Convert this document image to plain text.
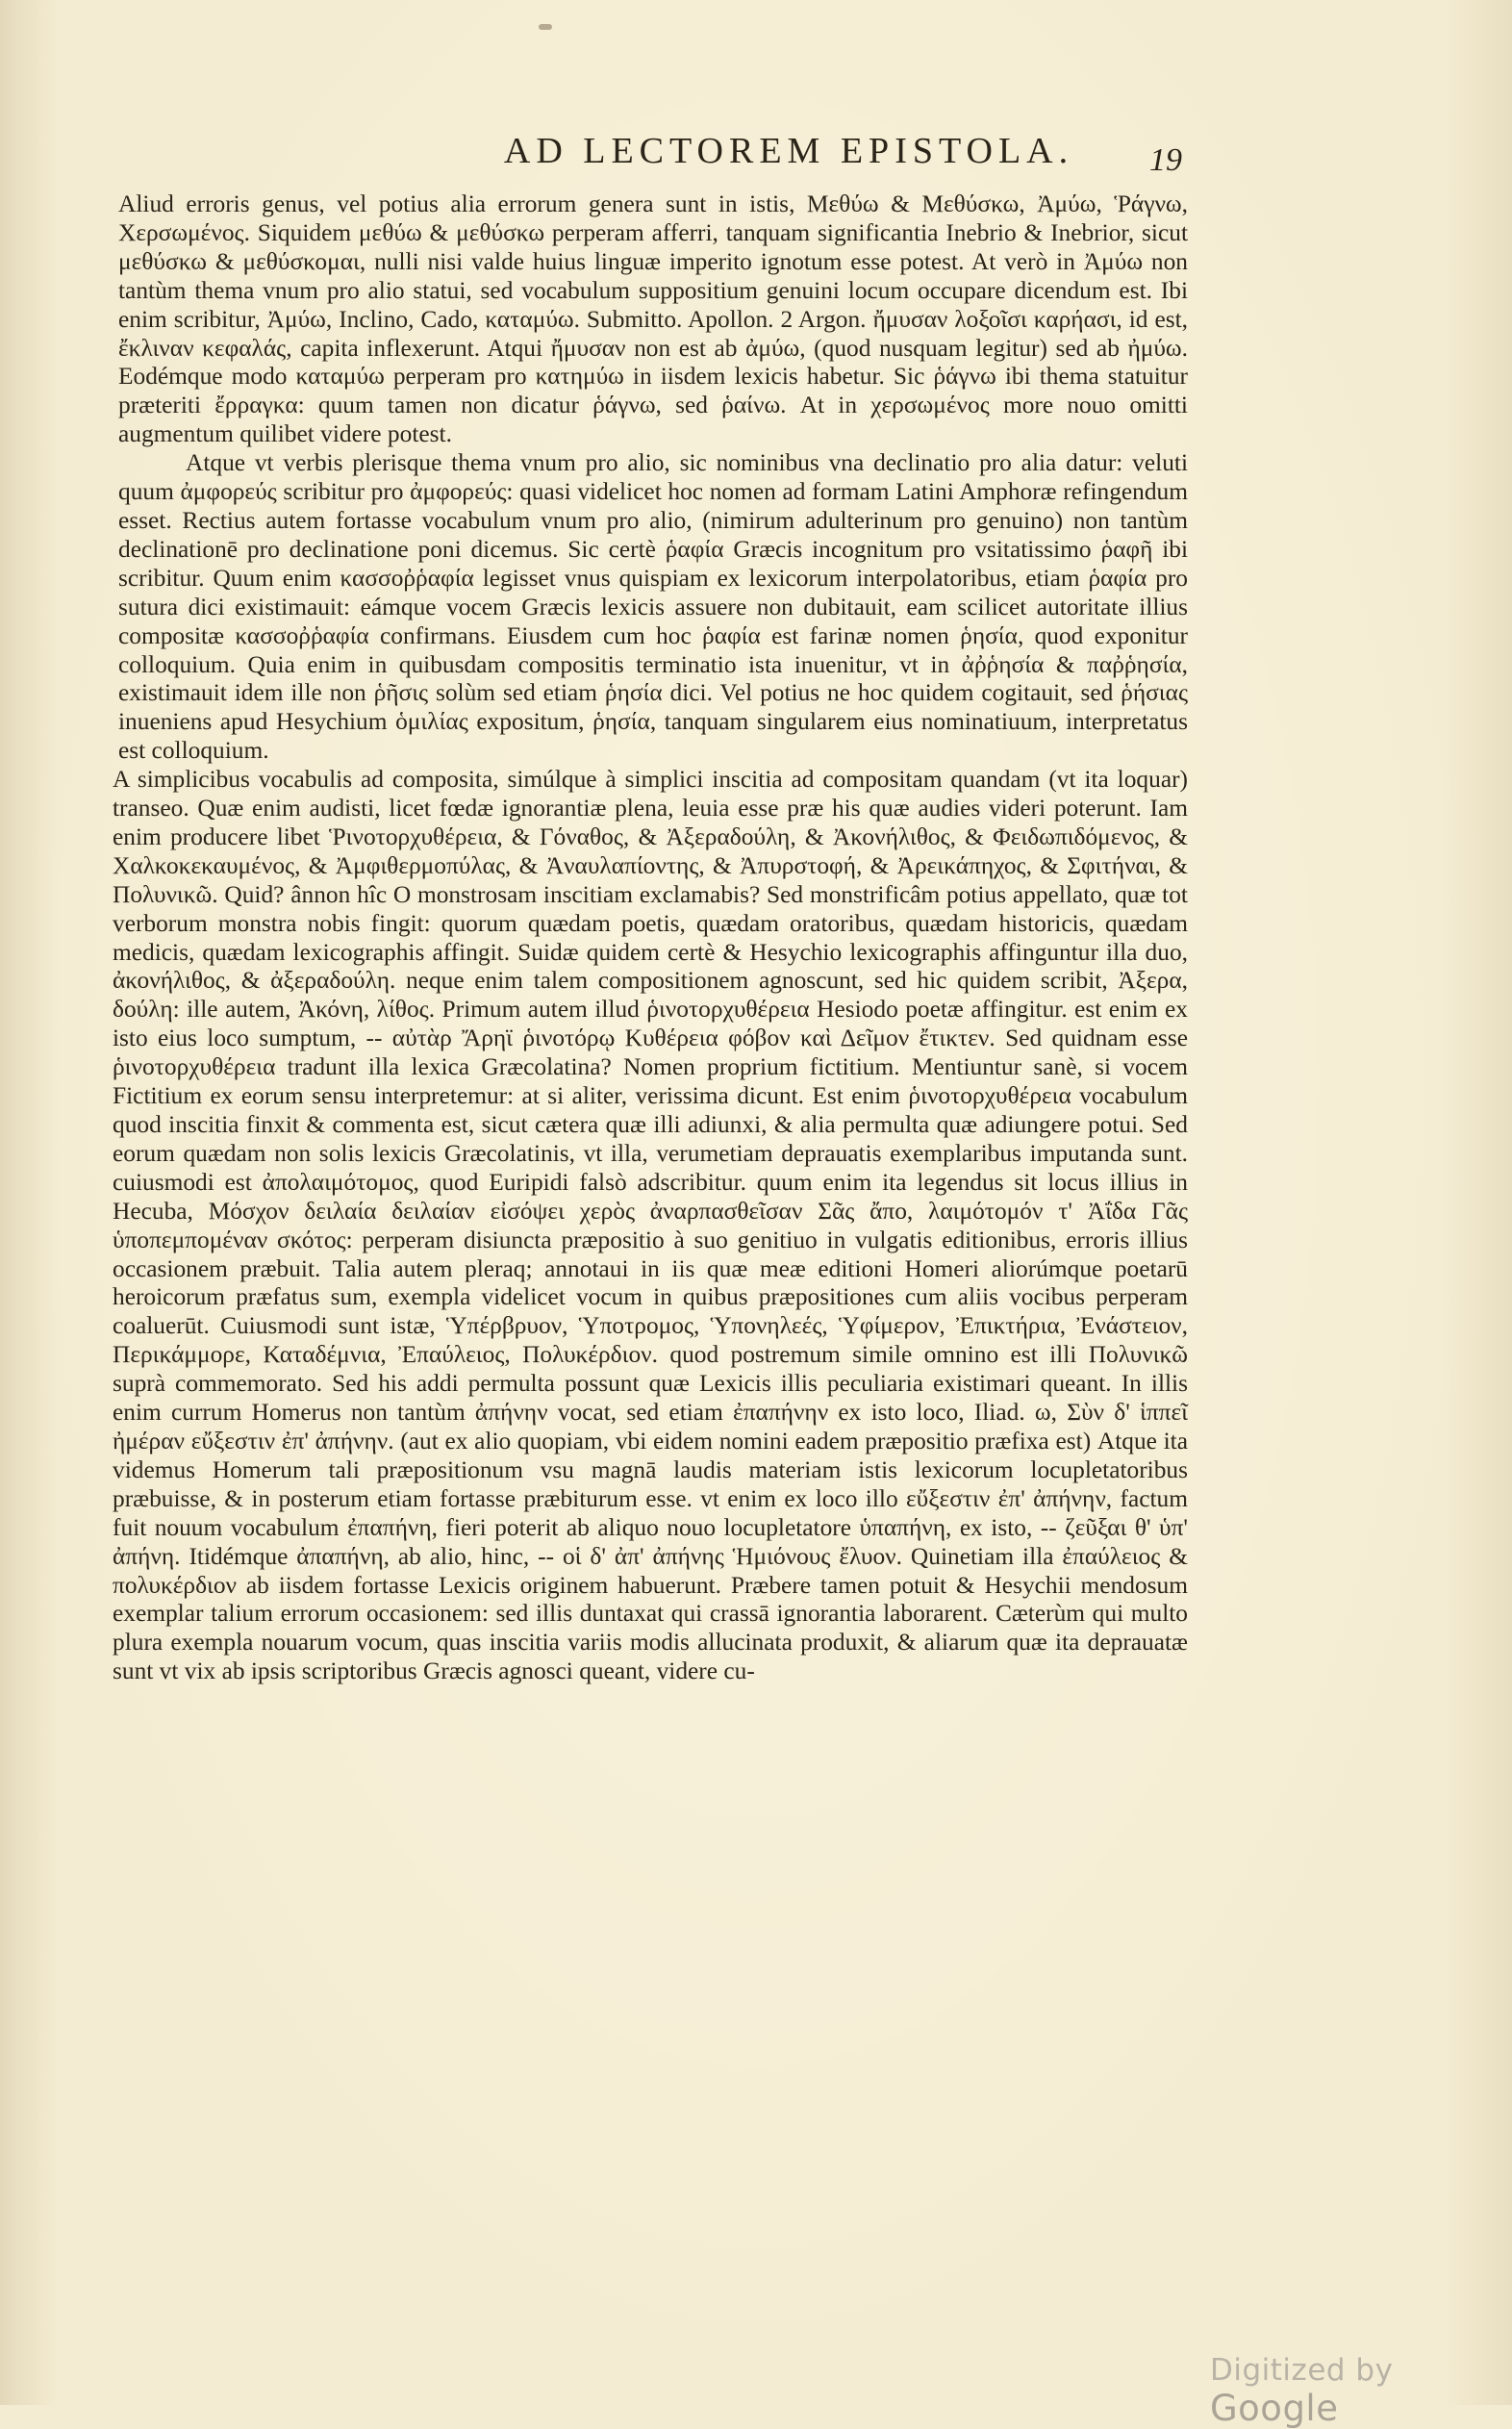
AD LECTOREM EPISTOLA.	19

Aliud erroris genus, vel potius alia errorum genera sunt in istis, Μεθύω & Μεθύσκω, Ἀμύω, Ῥάγνω, Χερσωμένος. Siquidem μεθύω & μεθύσκω perperam afferri, tanquam significantia Inebrio & Inebrior, sicut μεθύσκω & μεθύσκομαι, nulli nisi valde huius linguæ imperito ignotum esse potest. At verò in Ἀμύω non tantùm thema vnum pro alio statui, sed vocabulum suppositium genuini locum occupare dicendum est. Ibi enim scribitur, Ἀμύω, Inclino, Cado, καταμύω. Submitto. Apollon. 2 Argon. ἤμυσαν λοξοῖσι καρήασι, id est, ἔκλιναν κεφαλάς, capita inflexerunt. Atqui ἤμυσαν non est ab ἀμύω, (quod nusquam legitur) sed ab ἠμύω. Eodémque modo καταμύω perperam pro κατημύω in iisdem lexicis habetur. Sic ῥάγνω ibi thema statuitur præteriti ἔρραγκα: quum tamen non dicatur ῥάγνω, sed ῥαίνω. At in χερσωμένος more nouo omitti augmentum quilibet videre potest.

Atque vt verbis plerisque thema vnum pro alio, sic nominibus vna declinatio pro alia datur: veluti quum ἀμφορεύς scribitur pro ἀμφορεύς: quasi videlicet hoc nomen ad formam Latini Amphoræ refingendum esset. Rectius autem fortasse vocabulum vnum pro alio, (nimirum adulterinum pro genuino) non tantùm declinationē pro declinatione poni dicemus. Sic certè ῥαφία Græcis incognitum pro vsitatissimo ῥαφῆ ibi scribitur. Quum enim κασσοῤῥαφία legisset vnus quispiam ex lexicorum interpolatoribus, etiam ῥαφία pro sutura dici existimauit: eámque vocem Græcis lexicis assuere non dubitauit, eam scilicet autoritate illius compositæ κασσοῤῥαφία confirmans. Eiusdem cum hoc ῥαφία est farinæ nomen ῥησία, quod exponitur colloquium. Quia enim in quibusdam compositis terminatio ista inuenitur, vt in ἀῤῥησία & παῤῥησία, existimauit idem ille non ῥῆσις solùm sed etiam ῥησία dici. Vel potius ne hoc quidem cogitauit, sed ῥήσιας inueniens apud Hesychium ὁμιλίας expositum, ῥησία, tanquam singularem eius nominatiuum, interpretatus est colloquium.

A simplicibus vocabulis ad composita, simúlque à simplici inscitia ad compositam quandam (vt ita loquar) transeo. Quæ enim audisti, licet fœdæ ignorantiæ plena, leuia esse præ his quæ audies videri poterunt. Iam enim producere libet Ῥινοτορχυθέρεια, & Γόναθος, & Ἀξεραδούλη, & Ἀκονήλιθος, & Φειδωπιδόμενος, & Χαλκοκεκαυμένος, & Ἀμφιθερμοπύλας, & Ἀναυλαπίοντης, & Ἀπυρστοφή, & Ἀρεικάπηχος, & Σφιτήναι, & Πολυνικῶ. Quid? ânnon hîc O monstrosam inscitiam exclamabis? Sed monstrificâm potius appellato, quæ tot verborum monstra nobis fingit: quorum quædam poetis, quædam oratoribus, quædam historicis, quædam medicis, quædam lexicographis affingit. Suidæ quidem certè & Hesychio lexicographis affinguntur illa duo, ἀκονήλιθος, & ἀξεραδούλη. neque enim talem compositionem agnoscunt, sed hic quidem scribit, Ἀξερα, δούλη: ille autem, Ἀκόνη, λίθος. Primum autem illud ῥινοτορχυθέρεια Hesiodo poetæ affingitur. est enim ex isto eius loco sumptum, -- αὐτὰρ Ἄρηϊ ῥινοτόρῳ Κυθέρεια φόβον καὶ Δεῖμον ἔτικτεν. Sed quidnam esse ῥινοτορχυθέρεια tradunt illa lexica Græcolatina? Nomen proprium fictitium. Mentiuntur sanè, si vocem Fictitium ex eorum sensu interpretemur: at si aliter, verissima dicunt. Est enim ῥινοτορχυθέρεια vocabulum quod inscitia finxit & commenta est, sicut cætera quæ illi adiunxi, & alia permulta quæ adiungere potui. Sed eorum quædam non solis lexicis Græcolatinis, vt illa, verumetiam deprauatis exemplaribus imputanda sunt. cuiusmodi est ἀπολαιμότομος, quod Euripidi falsò adscribitur. quum enim ita legendus sit locus illius in Hecuba, Μόσχον δειλαία δειλαίαν εἰσόψει χερὸς ἀναρπασθεῖσαν Σᾶς ἄπο, λαιμότομόν τ' Ἀΐδα Γᾶς ὑποπεμπομέναν σκότος: perperam disiuncta præpositio à suo genitiuo in vulgatis editionibus, erroris illius occasionem præbuit. Talia autem pleraq; annotaui in iis quæ meæ editioni Homeri aliorúmque poetarū heroicorum præfatus sum, exempla videlicet vocum in quibus præpositiones cum aliis vocibus perperam coaluerūt. Cuiusmodi sunt istæ, Ὑπέρβρυον, Ὑποτρομος, Ὑπονηλεές, Ὑφίμερον, Ἐπικτήρια, Ἐνάστειον, Περικάμμορε, Καταδέμνια, Ἐπαύλειος, Πολυκέρδιον. quod postremum simile omnino est illi Πολυνικῶ suprà commemorato. Sed his addi permulta possunt quæ Lexicis illis peculiaria existimari queant. In illis enim currum Homerus non tantùm ἀπήνην vocat, sed etiam ἐπαπήνην ex isto loco, Iliad. ω, Σὺν δ' ἱππεῖ ἠμέραν εὔξεστιν ἐπ' ἀπήνην. (aut ex alio quopiam, vbi eidem nomini eadem præpositio præfixa est) Atque ita videmus Homerum tali præpositionum vsu magnā laudis materiam istis lexicorum locupletatoribus præbuisse, & in posterum etiam fortasse præbiturum esse. vt enim ex loco illo εὔξεστιν ἐπ' ἀπήνην, factum fuit nouum vocabulum ἐπαπήνη, fieri poterit ab aliquo nouo locupletatore ὑπαπήνη, ex isto, -- ζεῦξαι θ' ὑπ' ἀπήνη. Itidémque ἀπαπήνη, ab alio, hinc, -- οἱ δ' ἀπ' ἀπήνης Ἡμιόνους ἔλυον. Quinetiam illa ἐπαύλειος & πολυκέρδιον ab iisdem fortasse Lexicis originem habuerunt. Præbere tamen potuit & Hesychii mendosum exemplar talium errorum occasionem: sed illis duntaxat qui crassā ignorantia laborarent. Cæterùm qui multo plura exempla nouarum vocum, quas inscitia variis modis allucinata produxit, & aliarum quæ ita deprauatæ sunt vt vix ab ipsis scriptoribus Græcis agnosci queant, videre cu-

Digitized by Google
